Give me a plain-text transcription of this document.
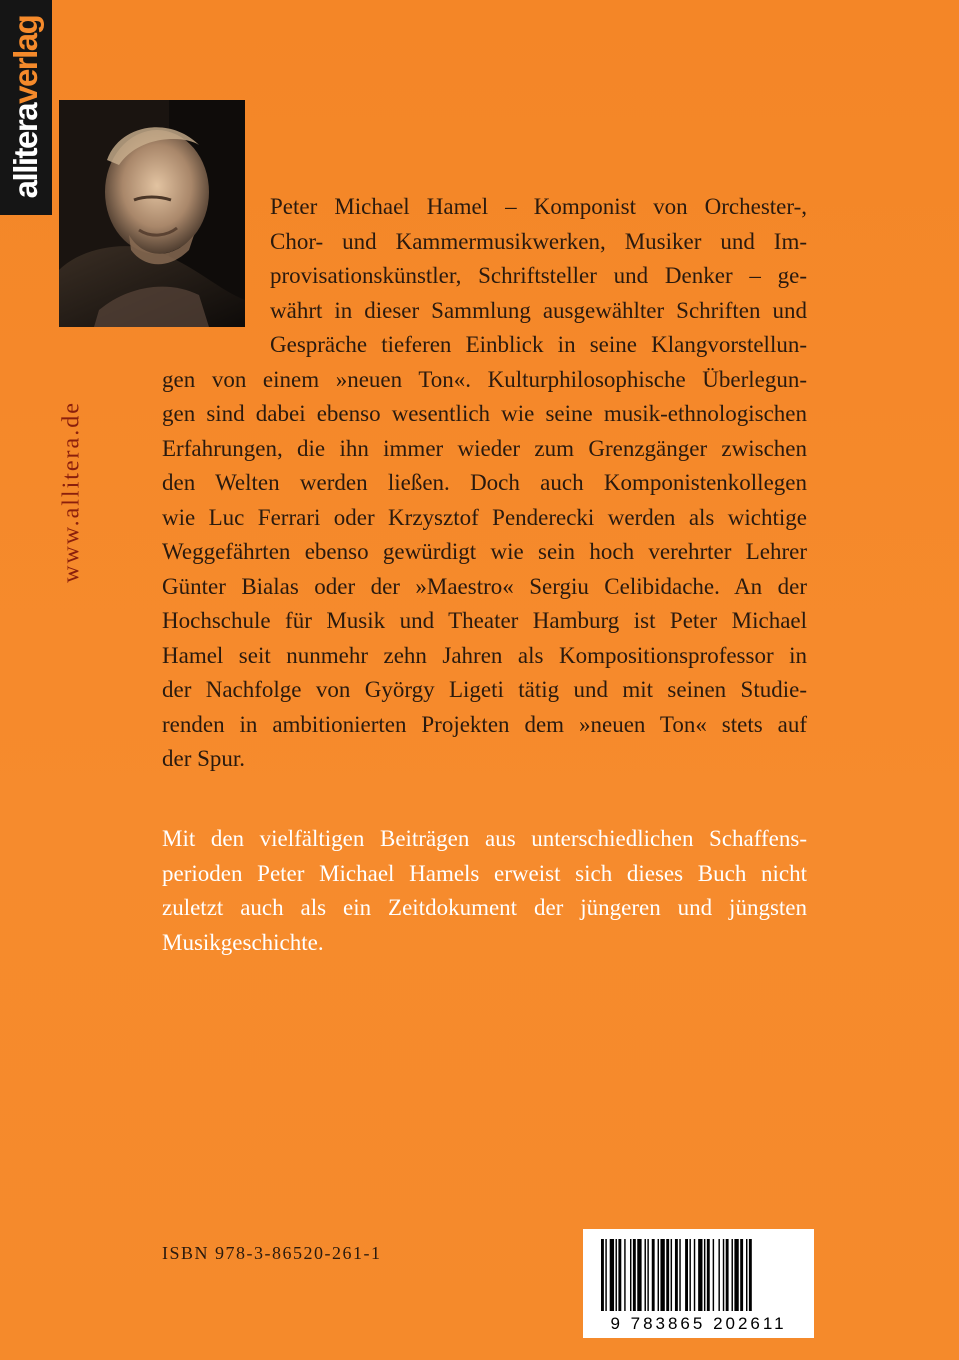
alliteraverlag
www.allitera.de
Peter Michael Hamel – Komponist von Orchester-,
Chor- und Kammermusikwerken, Musiker und Im-
provisationskünstler, Schriftsteller und Denker – ge-
währt in dieser Sammlung ausgewählter Schriften und
Gespräche tieferen Einblick in seine Klangvorstellun-
gen von einem »neuen Ton«. Kulturphilosophische Überlegun-
gen sind dabei ebenso wesentlich wie seine musik-ethnologischen
Erfahrungen, die ihn immer wieder zum Grenzgänger zwischen
den Welten werden ließen. Doch auch Komponistenkollegen
wie Luc Ferrari oder Krzysztof Penderecki werden als wichtige
Weggefährten ebenso gewürdigt wie sein hoch verehrter Lehrer
Günter Bialas oder der »Maestro« Sergiu Celibidache. An der
Hochschule für Musik und Theater Hamburg ist Peter Michael
Hamel seit nunmehr zehn Jahren als Kompositionsprofessor in
der Nachfolge von György Ligeti tätig und mit seinen Studie-
renden in ambitionierten Projekten dem »neuen Ton« stets auf
der Spur.
Mit den vielfältigen Beiträgen aus unterschiedlichen Schaffens-
perioden Peter Michael Hamels erweist sich dieses Buch nicht
zuletzt auch als ein Zeitdokument der jüngeren und jüngsten
Musikgeschichte.
ISBN 978-3-86520-261-1
9 783865 202611
